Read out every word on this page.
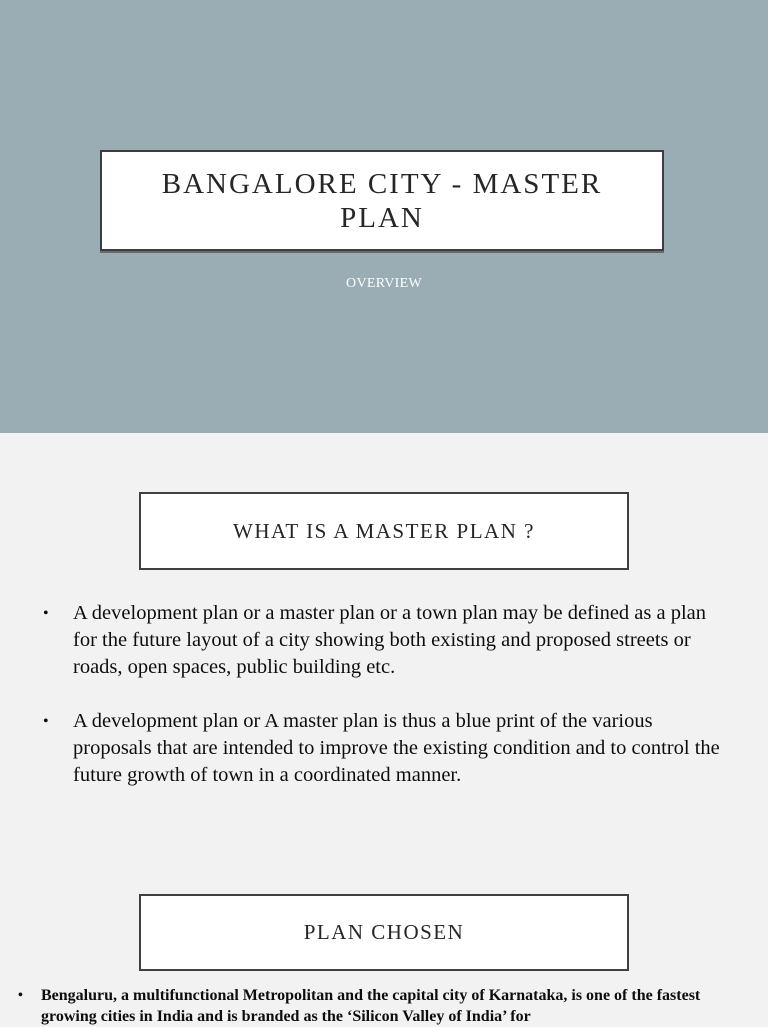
BANGALORE CITY - MASTER PLAN
OVERVIEW
WHAT IS A MASTER PLAN ?
• A development plan or a master plan or a town plan may be defined as a plan for the future layout of a city showing both existing and proposed streets or roads, open spaces, public building etc.
• A development plan or A master plan is thus a blue print of the various proposals that are intended to improve the existing condition and to control the future growth of town in a coordinated manner.
PLAN CHOSEN
• Bengaluru, a multifunctional Metropolitan and the capital city of Karnataka, is one of the fastest growing cities in India and is branded as the ‘Silicon Valley of India’ for
